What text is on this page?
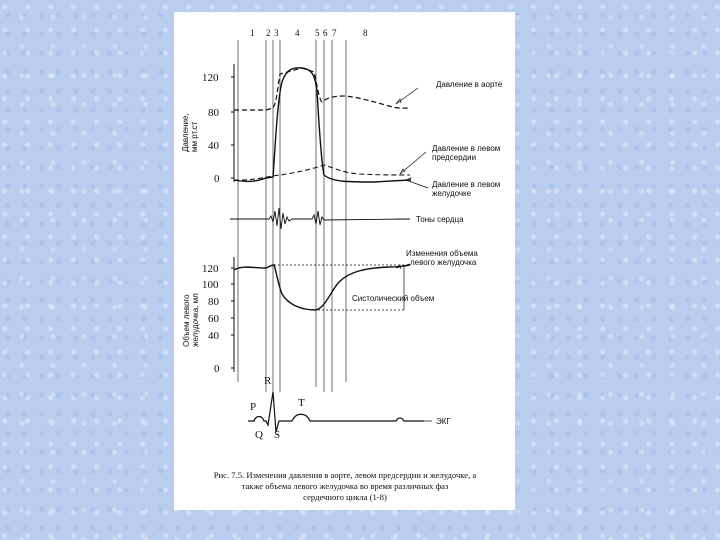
1 2 3 4 5 6 7	8
120
80
40
0
Давление, мм рт.ст
120
100
80
60
40
0
Объем левого желудочка, мл
P
R
T
Q S
Давление в аорте
Давление в левом
предсердии
Давление в левом
желудочке
Тоны сердца
Изменения объема
левого желудочка
Систолический объем
ЭКГ
Рис. 7.5. Изменения давления в аорте, левом предсердии и желудочке, а
также объема левого желудочка во время различных фаз
сердечного цикла (1-8)
